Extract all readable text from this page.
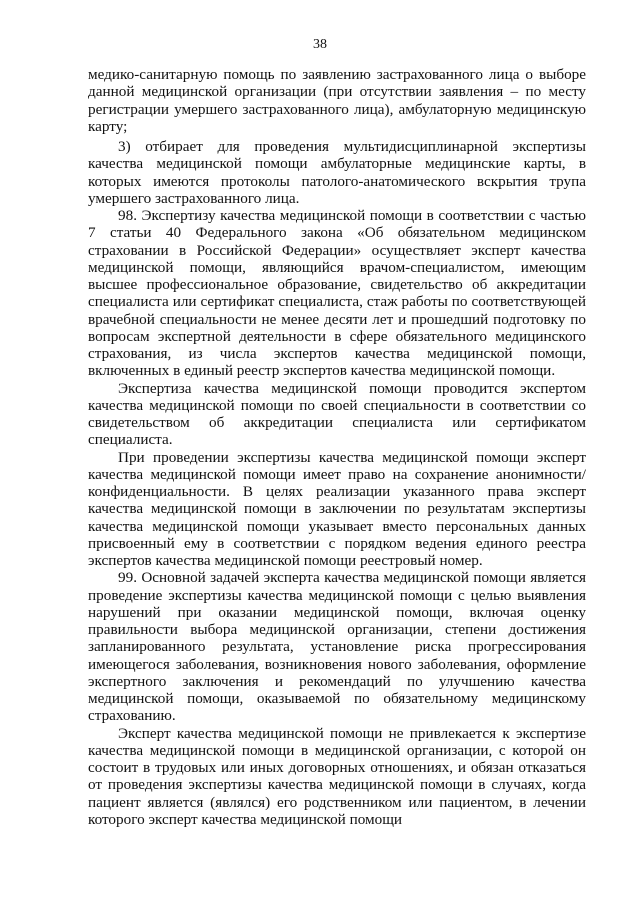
38

медико-санитарную помощь по заявлению застрахованного лица о выборе данной медицинской организации (при отсутствии заявления – по месту регистрации умершего застрахованного лица), амбулаторную медицинскую карту;

3) отбирает для проведения мультидисциплинарной экспертизы качества медицинской помощи амбулаторные медицинские карты, в которых имеются протоколы патолого-анатомического вскрытия трупа умершего застрахованного лица.

98. Экспертизу качества медицинской помощи в соответствии с частью 7 статьи 40 Федерального закона «Об обязательном медицинском страховании в Российской Федерации» осуществляет эксперт качества медицинской помощи, являющийся врачом-специалистом, имеющим высшее профессиональное образование, свидетельство об аккредитации специалиста или сертификат специалиста, стаж работы по соответствующей врачебной специальности не менее десяти лет и прошедший подготовку по вопросам экспертной деятельности в сфере обязательного медицинского страхования, из числа экспертов качества медицинской помощи, включенных в единый реестр экспертов качества медицинской помощи.

Экспертиза качества медицинской помощи проводится экспертом качества медицинской помощи по своей специальности в соответствии со свидетельством об аккредитации специалиста или сертификатом специалиста.

При проведении экспертизы качества медицинской помощи эксперт качества медицинской помощи имеет право на сохранение анонимности/конфиденциальности. В целях реализации указанного права эксперт качества медицинской помощи в заключении по результатам экспертизы качества медицинской помощи указывает вместо персональных данных присвоенный ему в соответствии с порядком ведения единого реестра экспертов качества медицинской помощи реестровый номер.

99. Основной задачей эксперта качества медицинской помощи является проведение экспертизы качества медицинской помощи с целью выявления нарушений при оказании медицинской помощи, включая оценку правильности выбора медицинской организации, степени достижения запланированного результата, установление риска прогрессирования имеющегося заболевания, возникновения нового заболевания, оформление экспертного заключения и рекомендаций по улучшению качества медицинской помощи, оказываемой по обязательному медицинскому страхованию.

Эксперт качества медицинской помощи не привлекается к экспертизе качества медицинской помощи в медицинской организации, с которой он состоит в трудовых или иных договорных отношениях, и обязан отказаться от проведения экспертизы качества медицинской помощи в случаях, когда пациент является (являлся) его родственником или пациентом, в лечении которого эксперт качества медицинской помощи
